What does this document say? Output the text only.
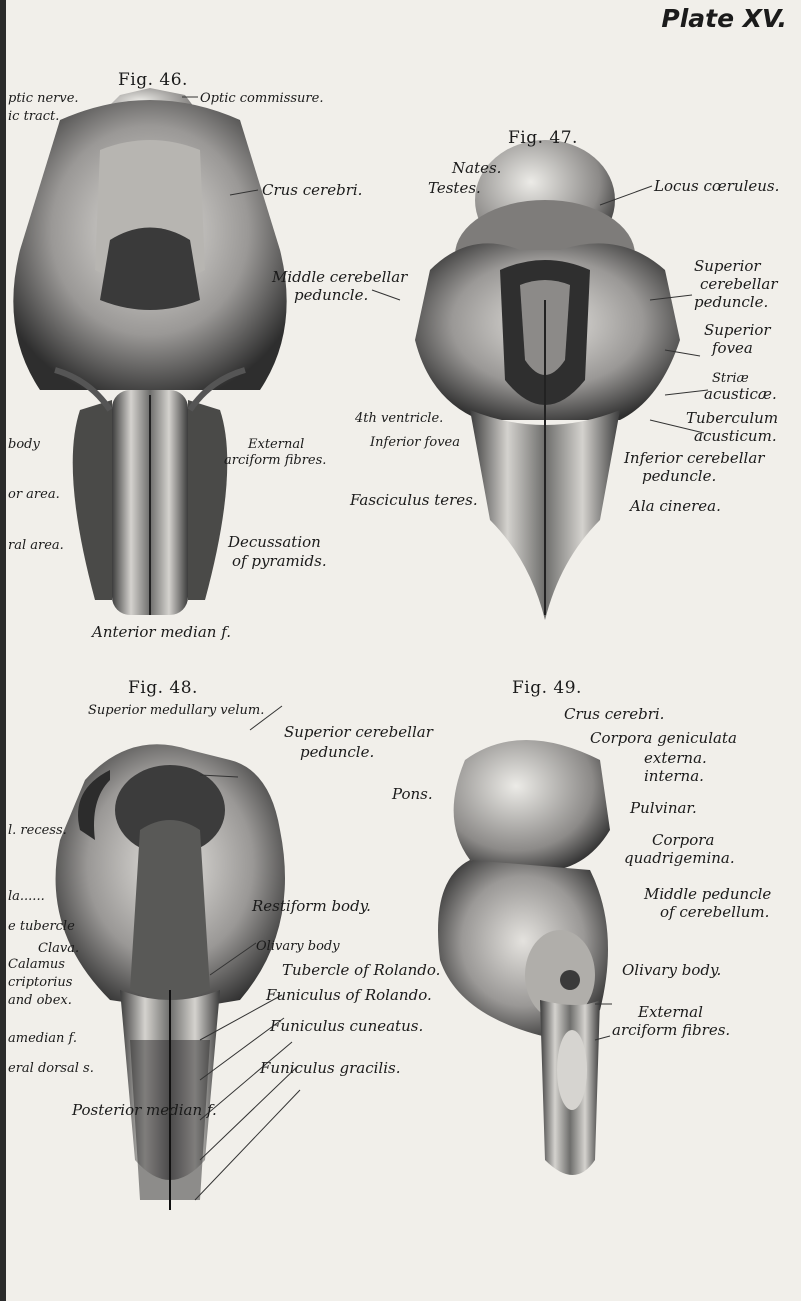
Plate XV.
Fig. 46.
Fig. 47.
Fig. 48.	Fig. 49.
ptic nerve.
ic tract.
Optic commissure.
Crus cerebri.
Middle cerebellar
peduncle.
External
arciform fibres.
body
or area.
ral area.	Decussation
of pyramids.
Anterior median f.
Nates.
Testes.	Locus cœruleus.
Superior
cerebellar
peduncle.
Superior
fovea
Striæ
acusticæ.
Tuberculum
acusticum.
Inferior cerebellar
peduncle.
Ala cinerea.
4th ventricle.
Inferior fovea
Fasciculus teres.
Superior medullary velum.
Superior cerebellar
peduncle.
Pons.
l. recess.
la......
Restiform body.
e tubercle
Clava.
Calamus
criptorius
and obex.
Olivary body
Tubercle of Rolando.
Funiculus of Rolando.
Funiculus cuneatus.
amedian f.
eral dorsal s.	Funiculus gracilis.
Posterior median f.
Crus cerebri.
Corpora geniculata
externa.
interna.
Pulvinar.
Corpora
quadrigemina.
Middle peduncle
of cerebellum.
Olivary body.
External
arciform fibres.
